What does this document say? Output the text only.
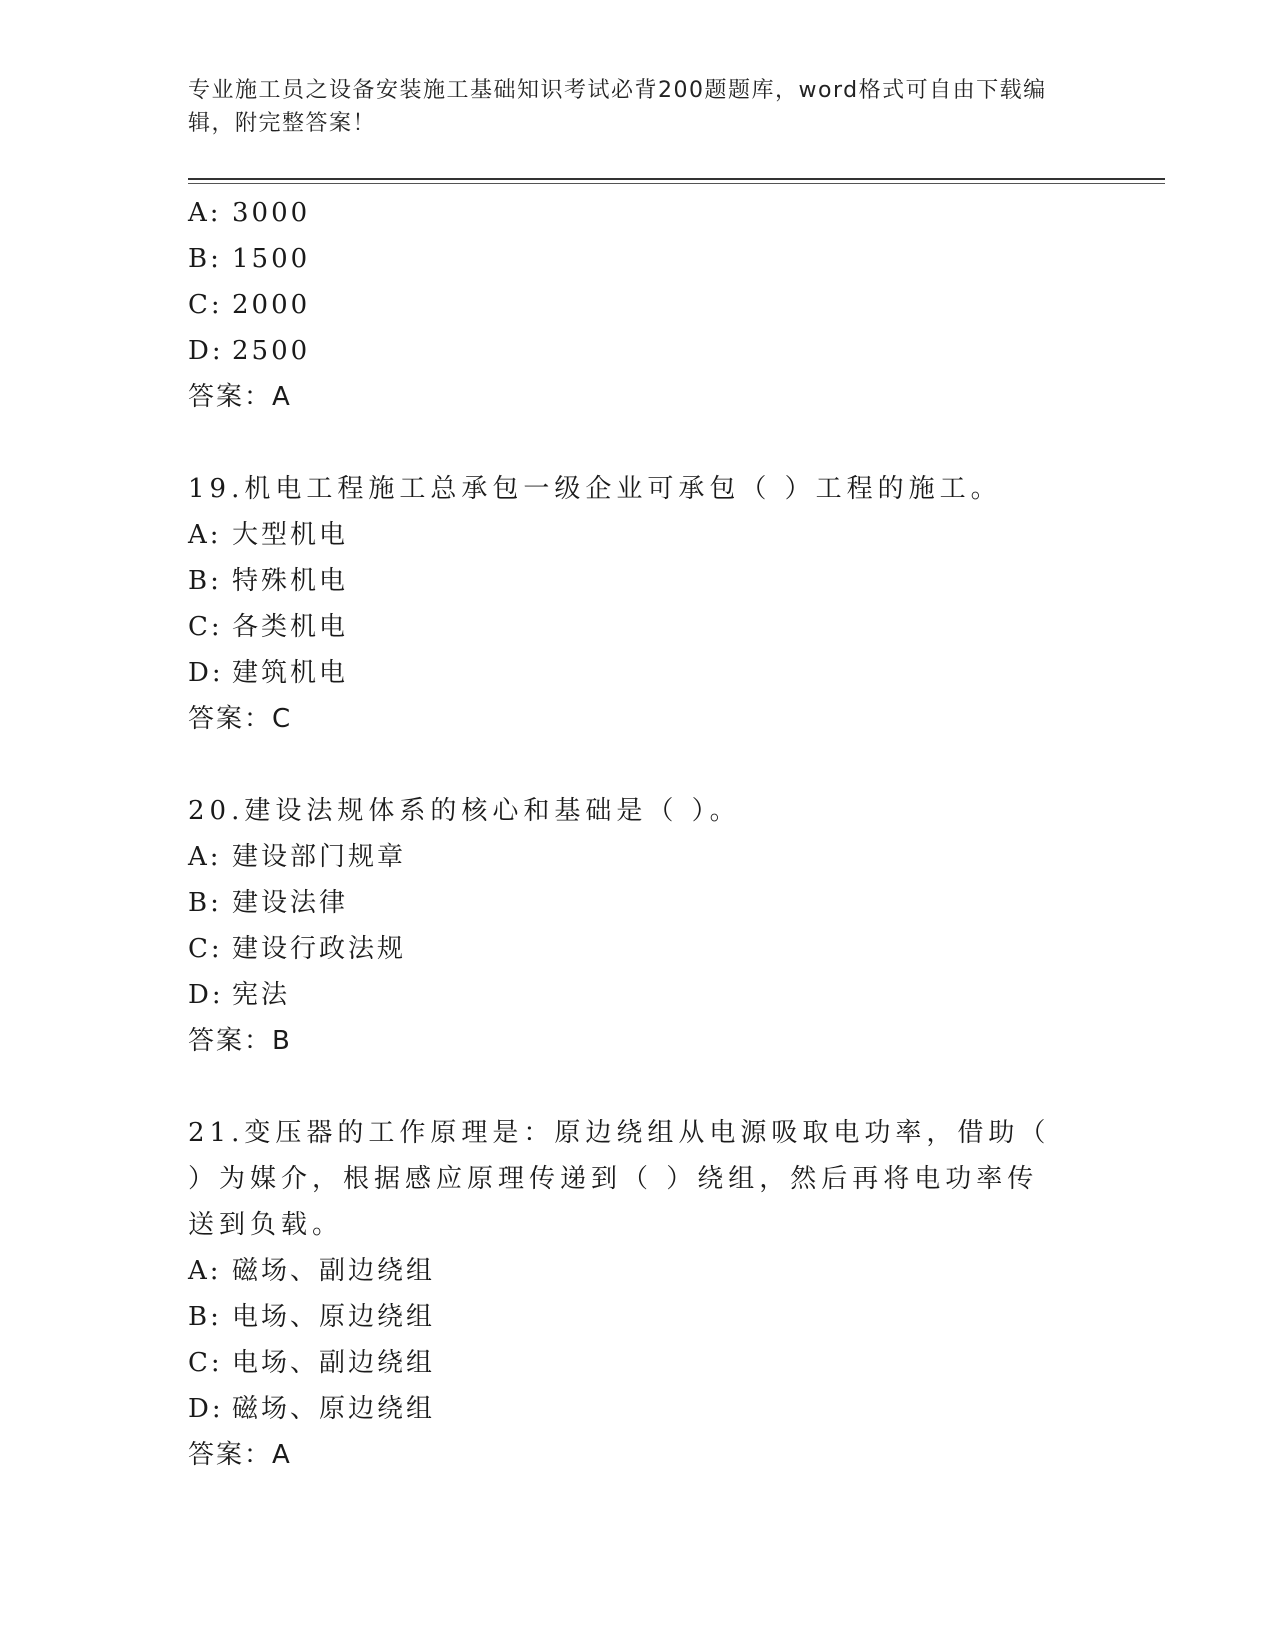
专业施工员之设备安装施工基础知识考试必背200题题库，word格式可自由下载编辑，附完整答案！
A: 3000
B: 1500
C: 2000
D: 2500
答案：A
19.机电工程施工总承包一级企业可承包（ ）工程的施工。
A: 大型机电
B: 特殊机电
C: 各类机电
D: 建筑机电
答案：C
20.建设法规体系的核心和基础是（ ）。
A: 建设部门规章
B: 建设法律
C: 建设行政法规
D: 宪法
答案：B
21.变压器的工作原理是：原边绕组从电源吸取电功率，借助（ ）为媒介，根据感应原理传递到（ ）绕组，然后再将电功率传送到负载。
A: 磁场、副边绕组
B: 电场、原边绕组
C: 电场、副边绕组
D: 磁场、原边绕组
答案：A
